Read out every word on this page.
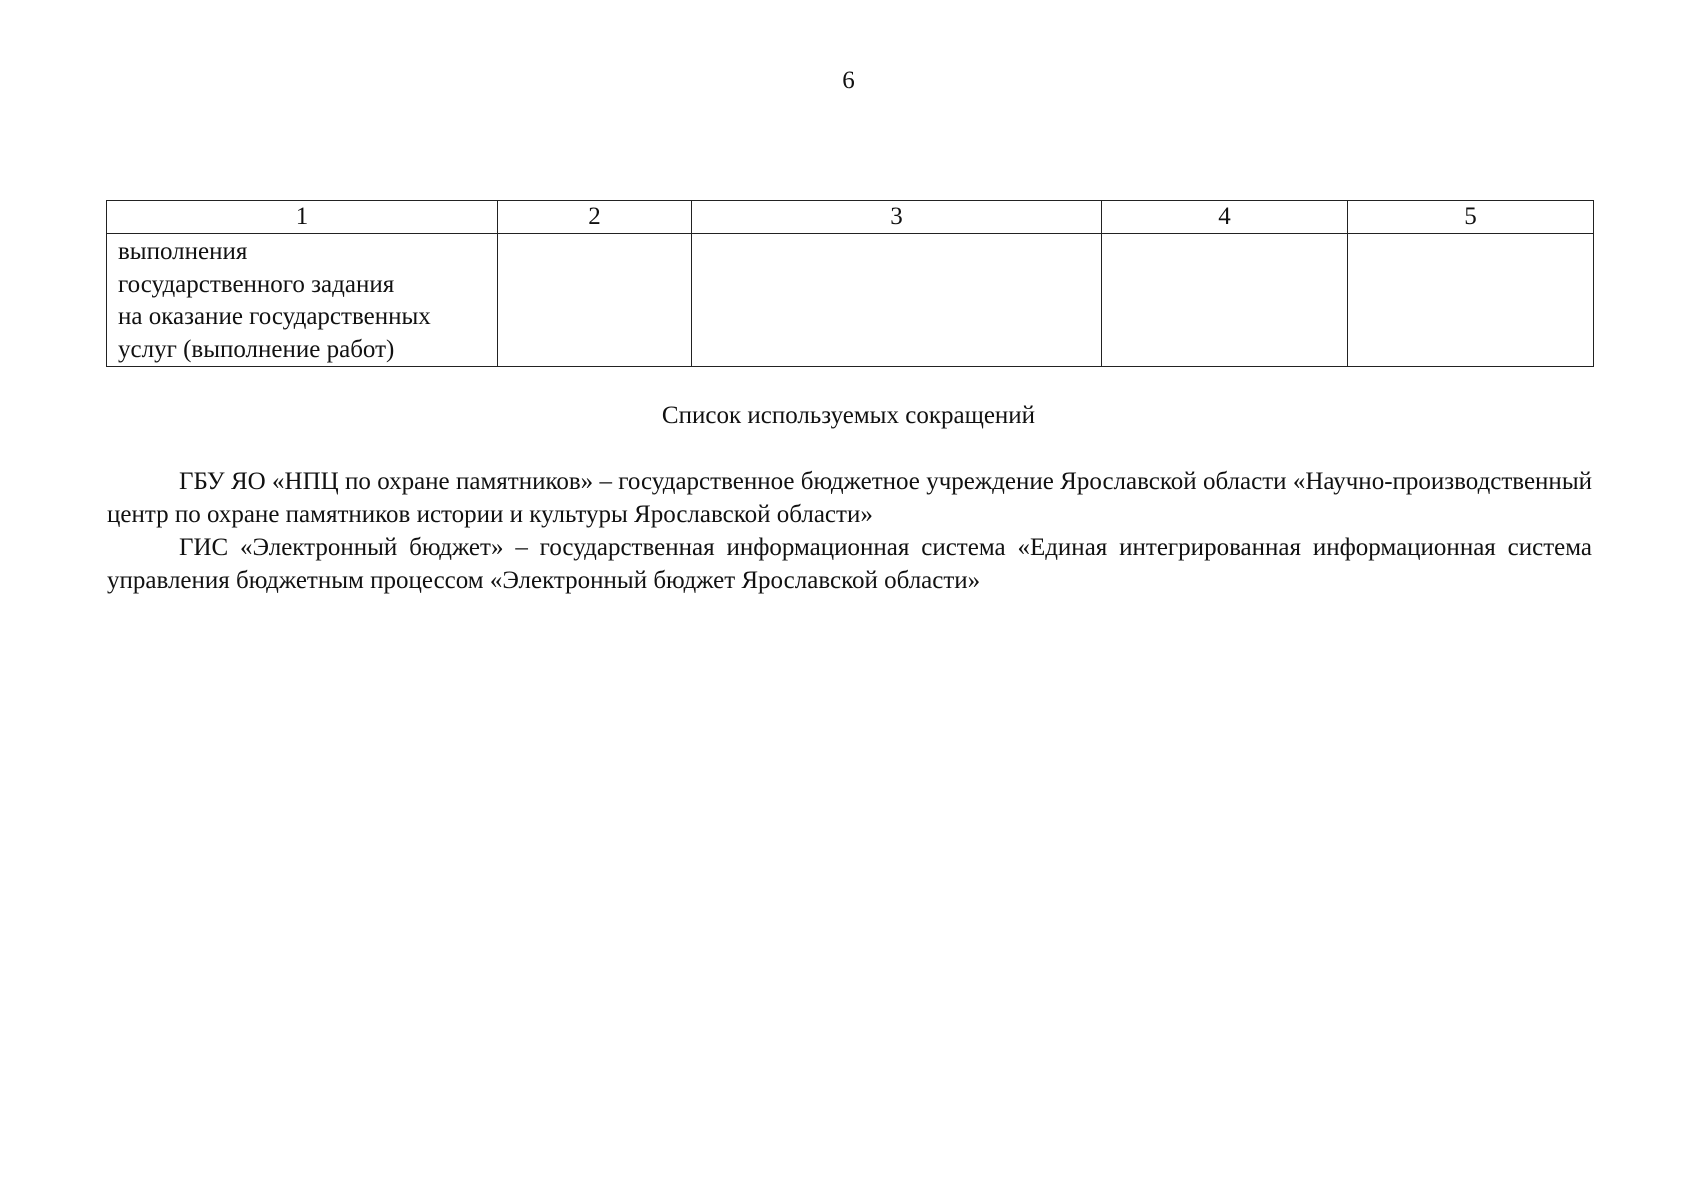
6
1	2	3	4	5

выполнения
государственного задания
на оказание государственных
услуг (выполнение работ)				

Список используемых сокращений

ГБУ ЯО «НПЦ по охране памятников» – государственное бюджетное учреждение Ярославской области «Научно-производственный центр по охране памятников истории и культуры Ярославской области»

ГИС «Электронный бюджет» – государственная информационная система «Единая интегрированная информационная система управления бюджетным процессом «Электронный бюджет Ярославской области»
